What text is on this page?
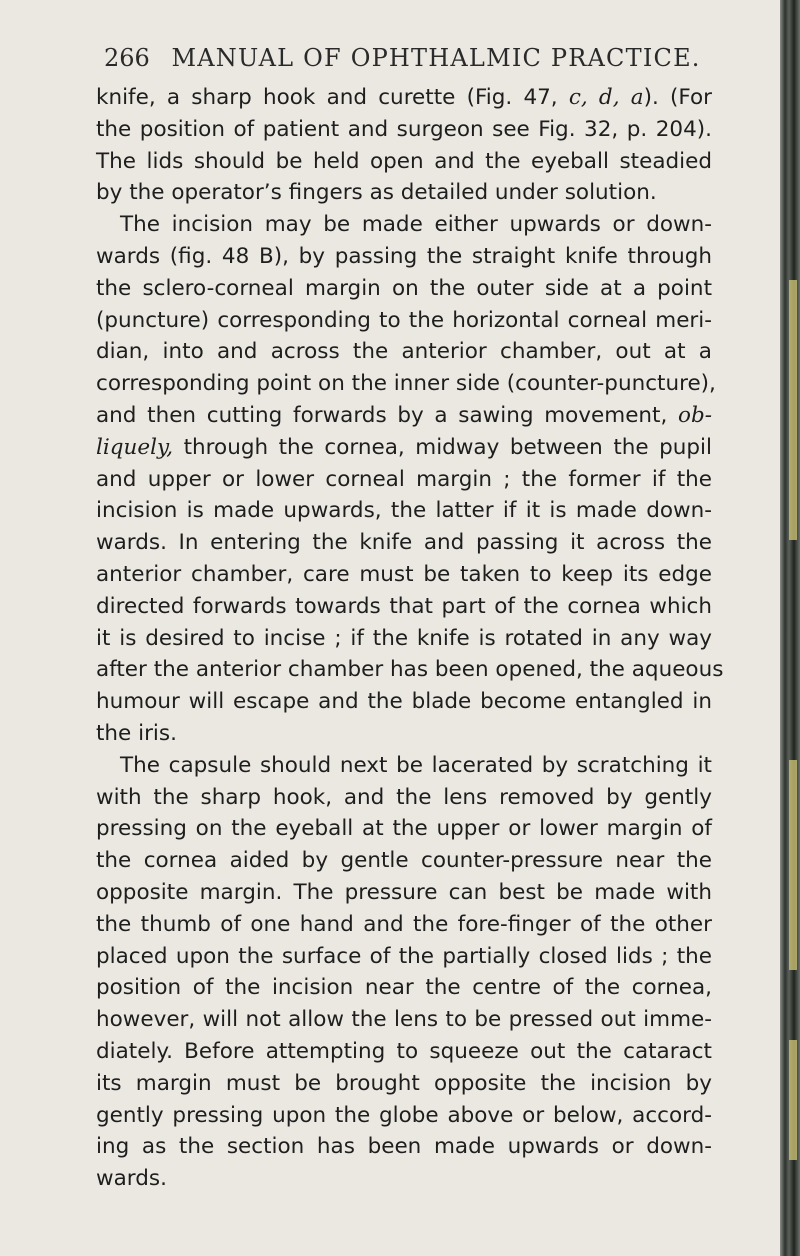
266 MANUAL OF OPHTHALMIC PRACTICE.
knife, a sharp hook and curette (Fig. 47, c, d, a). (For
the position of patient and surgeon see Fig. 32, p. 204).
The lids should be held open and the eyeball steadied
by the operator’s fingers as detailed under solution.
The incision may be made either upwards or down-
wards (fig. 48 B), by passing the straight knife through
the sclero-corneal margin on the outer side at a point
(puncture) corresponding to the horizontal corneal meri-
dian, into and across the anterior chamber, out at a
corresponding point on the inner side (counter-puncture),
and then cutting forwards by a sawing movement, ob-
liquely, through the cornea, midway between the pupil
and upper or lower corneal margin ; the former if the
incision is made upwards, the latter if it is made down-
wards. In entering the knife and passing it across the
anterior chamber, care must be taken to keep its edge
directed forwards towards that part of the cornea which
it is desired to incise ; if the knife is rotated in any way
after the anterior chamber has been opened, the aqueous
humour will escape and the blade become entangled in
the iris.
The capsule should next be lacerated by scratching it
with the sharp hook, and the lens removed by gently
pressing on the eyeball at the upper or lower margin of
the cornea aided by gentle counter-pressure near the
opposite margin. The pressure can best be made with
the thumb of one hand and the fore-finger of the other
placed upon the surface of the partially closed lids ; the
position of the incision near the centre of the cornea,
however, will not allow the lens to be pressed out imme-
diately. Before attempting to squeeze out the cataract
its margin must be brought opposite the incision by
gently pressing upon the globe above or below, accord-
ing as the section has been made upwards or down-
wards.
